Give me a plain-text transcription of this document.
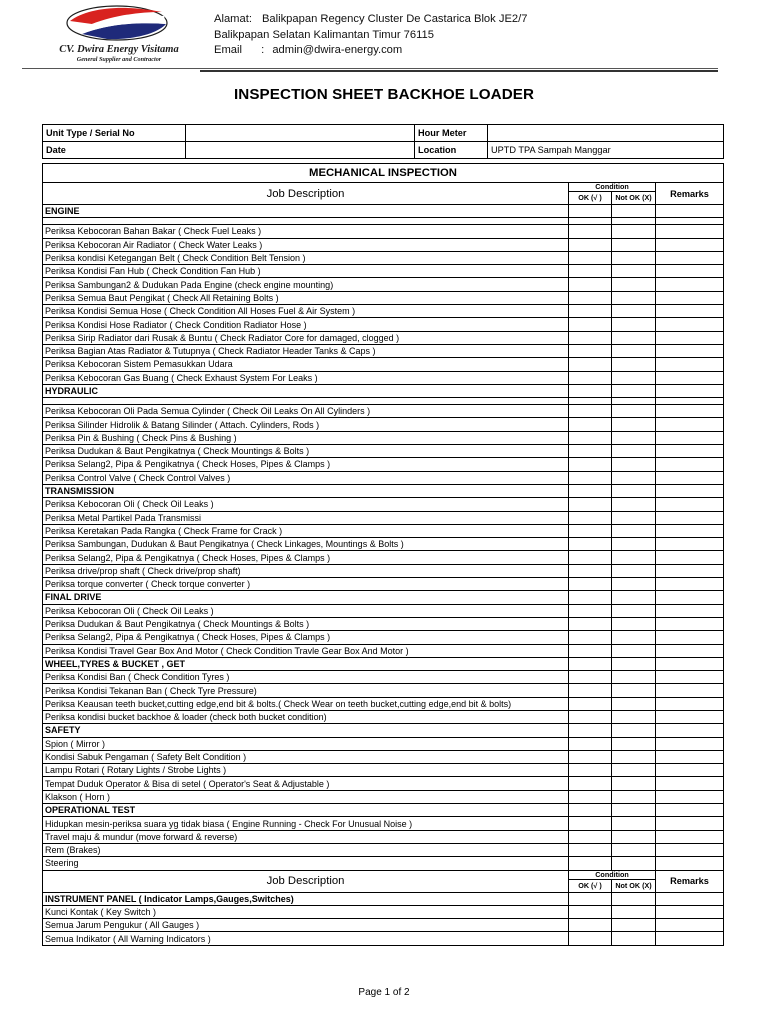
CV. Dwira Energy Visitama
General Supplier and Contractor
Alamat: Balikpapan Regency Cluster De Castarica Blok JE2/7
Balikpapan Selatan Kalimantan Timur 76115
Email : admin@dwira-energy.com
INSPECTION SHEET BACKHOE LOADER
Unit Type / Serial No		Hour Meter	
Date		Location	UPTD TPA Sampah Manggar
MECHANICAL INSPECTION			
Job Description	Condition		Remarks
	OK (√ )	Not OK (X)	
ENGINE			

Periksa Kebocoran Bahan Bakar ( Check Fuel Leaks )			
Periksa Kebocoran Air Radiator ( Check Water Leaks )			
Periksa kondisi Ketegangan Belt ( Check Condition Belt Tension )			
Periksa Kondisi Fan Hub ( Check Condition Fan Hub )			
Periksa Sambungan2 & Dudukan Pada Engine (check engine mounting)			
Periksa Semua Baut Pengikat ( Check All Retaining Bolts )			
Periksa Kondisi Semua Hose ( Check Condition All Hoses Fuel & Air System )			
Periksa Kondisi Hose Radiator ( Check Condition Radiator Hose )			
Periksa Sirip Radiator dari Rusak & Buntu ( Check Radiator Core for damaged, clogged )			
Periksa Bagian Atas Radiator & Tutupnya ( Check Radiator Header Tanks & Caps )			
Periksa Kebocoran Sistem Pemasukkan Udara			
Periksa Kebocoran Gas Buang ( Check Exhaust System For Leaks )			
HYDRAULIC			

Periksa Kebocoran Oli Pada Semua Cylinder ( Check Oil Leaks On All Cylinders )			
Periksa Silinder Hidrolik & Batang Silinder ( Attach. Cylinders, Rods )			
Periksa Pin & Bushing ( Check Pins & Bushing )			
Periksa Dudukan & Baut Pengikatnya ( Check Mountings & Bolts )			
Periksa Selang2, Pipa & Pengikatnya ( Check Hoses, Pipes & Clamps )			
Periksa Control Valve ( Check Control Valves )			
TRANSMISSION			
Periksa Kebocoran Oli ( Check Oil Leaks )			
Periksa Metal Partikel Pada Transmissi			
Periksa Keretakan Pada Rangka ( Check Frame for Crack )			
Periksa Sambungan, Dudukan & Baut Pengikatnya ( Check Linkages, Mountings & Bolts )			
Periksa Selang2, Pipa & Pengikatnya ( Check Hoses, Pipes & Clamps )			
Periksa drive/prop shaft ( Check drive/prop shaft)			
Periksa torque converter ( Check torque converter )			
FINAL DRIVE			
Periksa Kebocoran Oli ( Check Oil Leaks )			
Periksa Dudukan & Baut Pengikatnya ( Check Mountings & Bolts )			
Periksa Selang2, Pipa & Pengikatnya ( Check Hoses, Pipes & Clamps )			
Periksa Kondisi Travel Gear Box And Motor ( Check Condition Travle Gear Box And Motor )			
WHEEL,TYRES & BUCKET , GET			
Periksa Kondisi Ban ( Check Condition Tyres )			
Periksa Kondisi Tekanan Ban ( Check Tyre Pressure)			
Periksa Keausan teeth bucket,cutting edge,end bit & bolts.( Check Wear on teeth bucket,cutting edge,end bit & bolts)			
Periksa kondisi bucket backhoe & loader (check both bucket condition)			
SAFETY			
Spion ( Mirror )			
Kondisi Sabuk Pengaman ( Safety Belt Condition )			
Lampu Rotari ( Rotary Lights / Strobe Lights )			
Tempat Duduk Operator & Bisa di setel ( Operator's Seat & Adjustable )			
Klakson ( Horn )			
OPERATIONAL TEST			
Hidupkan mesin-periksa suara yg tidak biasa ( Engine Running - Check For Unusual Noise )			
Travel maju & mundur (move forward & reverse)			
Rem (Brakes)			
Steering			
Job Description	Condition		Remarks
	OK (√ )	Not OK (X)	
INSTRUMENT PANEL ( Indicator Lamps,Gauges,Switches)			
Kunci Kontak ( Key Switch )			
Semua Jarum Pengukur ( All Gauges )			
Semua Indikator ( All Warning Indicators )			
Page 1 of 2
